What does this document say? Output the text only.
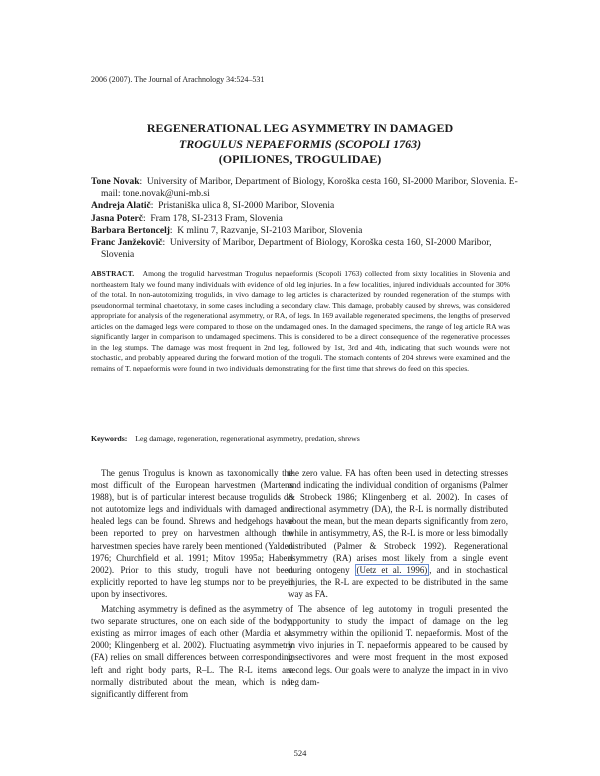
2006 (2007). The Journal of Arachnology 34:524–531
REGENERATIONAL LEG ASYMMETRY IN DAMAGED
TROGULUS NEPAEFORMIS (SCOPOLI 1763)
(OPILIONES, TROGULIDAE)
Tone Novak:  University of Maribor, Department of Biology, Koroška cesta 160, SI-2000 Maribor, Slovenia. E-mail: tone.novak@uni-mb.si
Andreja Alatič:  Pristaniška ulica 8, SI-2000 Maribor, Slovenia
Jasna Poterč:  Fram 178, SI-2313 Fram, Slovenia
Barbara Bertoncelj:  K mlinu 7, Razvanje, SI-2103 Maribor, Slovenia
Franc Janžekovič:  University of Maribor, Department of Biology, Koroška cesta 160, SI-2000 Maribor, Slovenia
ABSTRACT. Among the trogulid harvestman Trogulus nepaeformis (Scopoli 1763) collected from sixty localities in Slovenia and northeastern Italy we found many individuals with evidence of old leg injuries. In a few localities, injured individuals accounted for 30% of the total. In non-autotomizing trogulids, in vivo damage to leg articles is characterized by rounded regeneration of the stumps with pseudonormal terminal chaetotaxy, in some cases including a secondary claw. This damage, probably caused by shrews, was considered appropriate for analysis of the regenerational asymmetry, or RA, of legs. In 169 available regenerated specimens, the lengths of preserved articles on the damaged legs were compared to those on the undamaged ones. In the damaged specimens, the range of leg article RA was significantly larger in comparison to undamaged specimens. This is considered to be a direct consequence of the regenerative processes in the leg stumps. The damage was most frequent in 2nd leg, followed by 1st, 3rd and 4th, indicating that such wounds were not stochastic, and probably appeared during the forward motion of the troguli. The stomach contents of 204 shrews were examined and the remains of T. nepaeformis were found in two individuals demonstrating for the first time that shrews do feed on this species.
Keywords: Leg damage, regeneration, regenerational asymmetry, predation, shrews

The genus Trogulus is known as taxonomically the most difficult of the European harvestmen (Martens 1988), but is of particular interest because trogulids do not autotomize legs and individuals with damaged and healed legs can be found. Shrews and hedgehogs have been reported to prey on harvestmen although the harvestmen species have rarely been mentioned (Yalden 1976; Churchfield et al. 1991; Mitov 1995a; Haberl 2002). Prior to this study, troguli have not been explicitly reported to have leg stumps nor to be preyed upon by insectivores.

Matching asymmetry is defined as the asymmetry of two separate structures, one on each side of the body, existing as mirror images of each other (Mardia et al. 2000; Klingenberg et al. 2002). Fluctuating asymmetry (FA) relies on small differences between corresponding left and right body parts, R–L. The R-L items are normally distributed about the mean, which is not significantly different from

the zero value. FA has often been used in detecting stresses and indicating the individual condition of organisms (Palmer & Strobeck 1986; Klingenberg et al. 2002). In cases of directional asymmetry (DA), the R-L is normally distributed about the mean, but the mean departs significantly from zero, while in antisymmetry, AS, the R-L is more or less bimodally distributed (Palmer & Strobeck 1992). Regenerational asymmetry (RA) arises most likely from a single event during ontogeny (Uetz et al. 1996) , and in stochastical injuries, the R-L are expected to be distributed in the same way as FA.

The absence of leg autotomy in troguli presented the opportunity to study the impact of damage on the leg asymmetry within the opilionid T. nepaeformis. Most of the in vivo injuries in T. nepaeformis appeared to be caused by insectivores and were most frequent in the most exposed second legs. Our goals were to analyze the impact in in vivo leg dam-

524
